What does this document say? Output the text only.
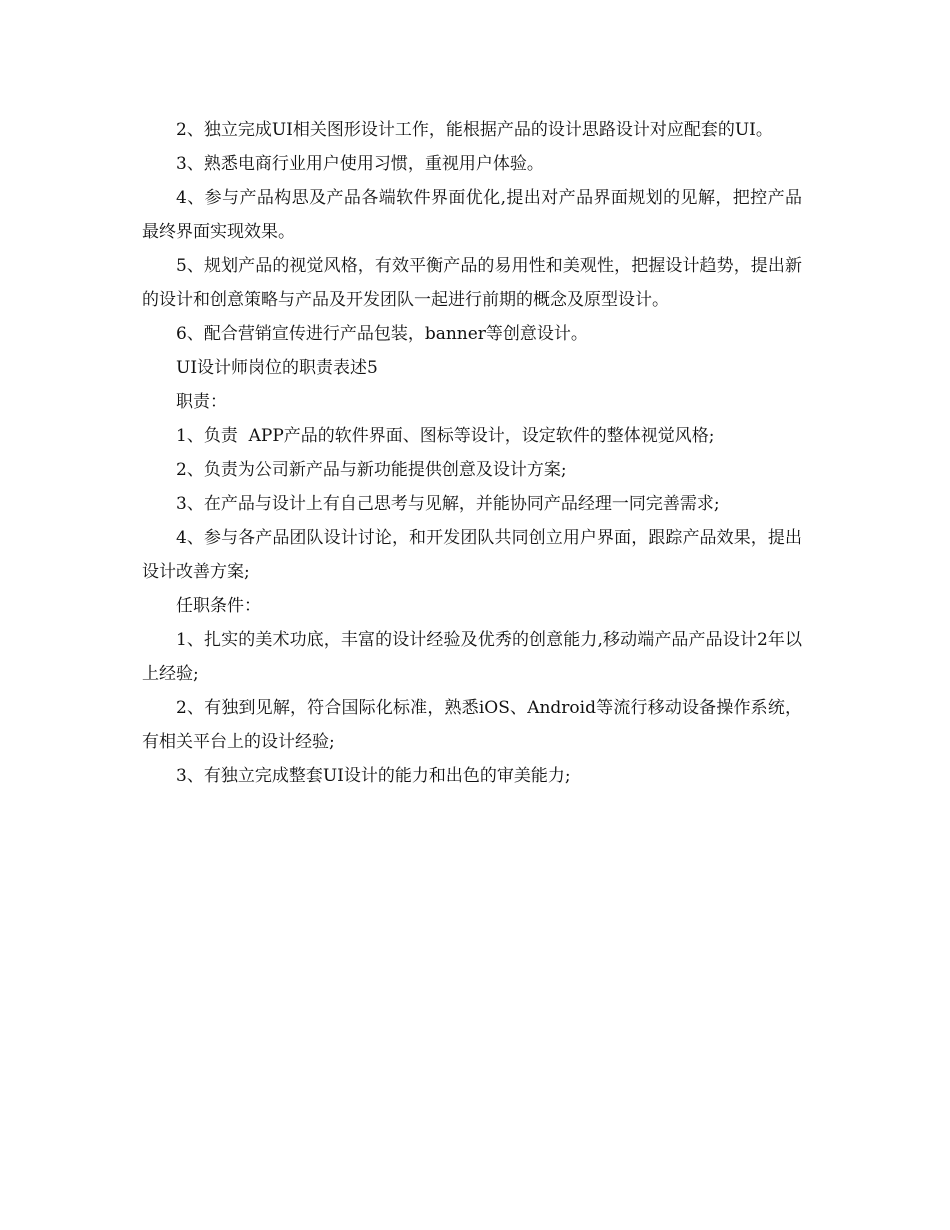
2、独立完成UI相关图形设计工作，能根据产品的设计思路设计对应配套的UI。

3、熟悉电商行业用户使用习惯，重视用户体验。

4、参与产品构思及产品各端软件界面优化,提出对产品界面规划的见解，把控产品最终界面实现效果。

5、规划产品的视觉风格，有效平衡产品的易用性和美观性，把握设计趋势，提出新的设计和创意策略与产品及开发团队一起进行前期的概念及原型设计。

6、配合营销宣传进行产品包装，banner等创意设计。

UI设计师岗位的职责表述5

职责：

1、负责  APP产品的软件界面、图标等设计，设定软件的整体视觉风格;

2、负责为公司新产品与新功能提供创意及设计方案;

3、在产品与设计上有自己思考与见解，并能协同产品经理一同完善需求;

4、参与各产品团队设计讨论，和开发团队共同创立用户界面，跟踪产品效果，提出设计改善方案;

任职条件：

1、扎实的美术功底，丰富的设计经验及优秀的创意能力,移动端产品产品设计2年以上经验;

2、有独到见解，符合国际化标准，熟悉iOS、Android等流行移动设备操作系统，有相关平台上的设计经验;

3、有独立完成整套UI设计的能力和出色的审美能力;
